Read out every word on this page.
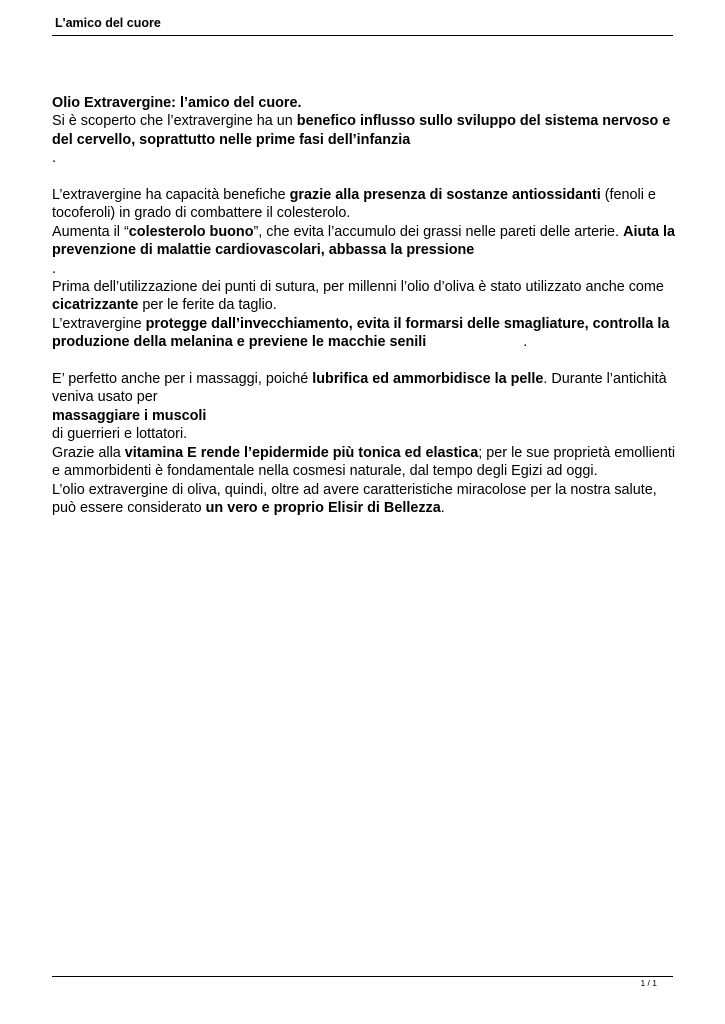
L'amico del cuore

Olio Extravergine: l’amico del cuore.
Si è scoperto che l’extravergine ha un benefico influsso sullo sviluppo del sistema nervoso e del cervello, soprattutto nelle prime fasi dell’infanzia
.

L’extravergine ha capacità benefiche grazie alla presenza di sostanze antiossidanti (fenoli e tocoferoli) in grado di combattere il colesterolo.

Aumenta il “colesterolo buono”, che evita l’accumulo dei grassi nelle pareti delle arterie. Aiuta la prevenzione di malattie cardiovascolari, abbassa la pressione
.

Prima dell’utilizzazione dei punti di sutura, per millenni l’olio d’oliva è stato utilizzato anche come cicatrizzante per le ferite da taglio.

L’extravergine protegge dall’invecchiamento, evita il formarsi delle smagliature, controlla la produzione della melanina e previene le macchie senili	.

E’ perfetto anche per i massaggi, poiché lubrifica ed ammorbidisce la pelle. Durante l’antichità veniva usato per
massaggiare i muscoli
di guerrieri e lottatori.

Grazie alla vitamina E rende l’epidermide più tonica ed elastica; per le sue proprietà emollienti e ammorbidenti è fondamentale nella cosmesi naturale, dal tempo degli Egizi ad oggi.

L’olio extravergine di oliva, quindi, oltre ad avere caratteristiche miracolose per la nostra salute, può essere considerato un vero e proprio Elisir di Bellezza.

1 / 1
